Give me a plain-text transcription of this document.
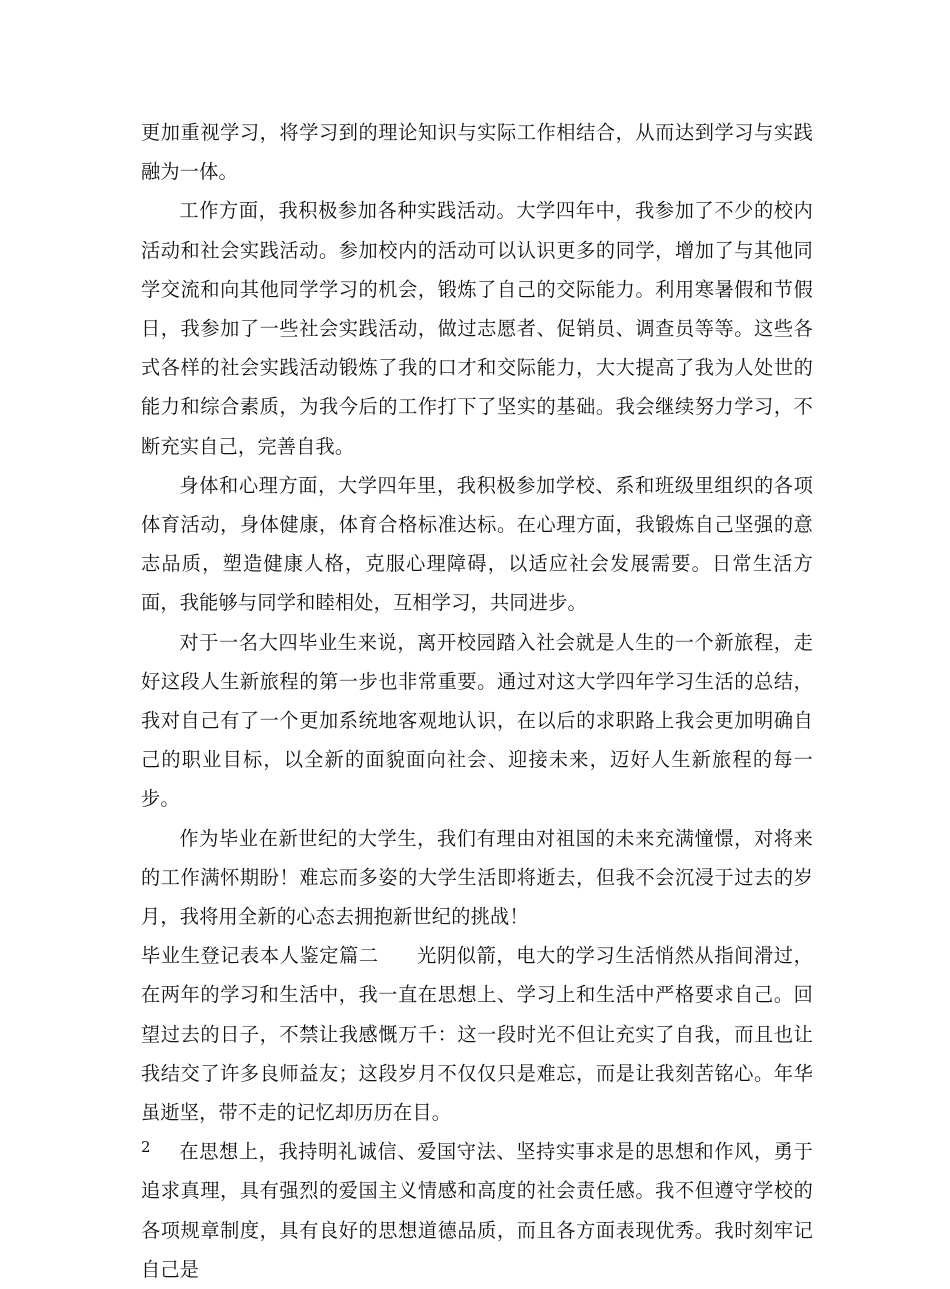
更加重视学习，将学习到的理论知识与实际工作相结合，从而达到学习与实践融为一体。

工作方面，我积极参加各种实践活动。大学四年中，我参加了不少的校内活动和社会实践活动。参加校内的活动可以认识更多的同学，增加了与其他同学交流和向其他同学学习的机会，锻炼了自己的交际能力。利用寒暑假和节假日，我参加了一些社会实践活动，做过志愿者、促销员、调查员等等。这些各式各样的社会实践活动锻炼了我的口才和交际能力，大大提高了我为人处世的能力和综合素质，为我今后的工作打下了坚实的基础。我会继续努力学习，不断充实自己，完善自我。

身体和心理方面，大学四年里，我积极参加学校、系和班级里组织的各项体育活动，身体健康，体育合格标准达标。在心理方面，我锻炼自己坚强的意志品质，塑造健康人格，克服心理障碍，以适应社会发展需要。日常生活方面，我能够与同学和睦相处，互相学习，共同进步。

对于一名大四毕业生来说，离开校园踏入社会就是人生的一个新旅程，走好这段人生新旅程的第一步也非常重要。通过对这大学四年学习生活的总结，我对自己有了一个更加系统地客观地认识，在以后的求职路上我会更加明确自己的职业目标，以全新的面貌面向社会、迎接未来，迈好人生新旅程的每一步。

作为毕业在新世纪的大学生，我们有理由对祖国的未来充满憧憬，对将来的工作满怀期盼！难忘而多姿的大学生活即将逝去，但我不会沉浸于过去的岁月，我将用全新的心态去拥抱新世纪的挑战！

毕业生登记表本人鉴定篇二 光阴似箭，电大的学习生活悄然从指间滑过，在两年的学习和生活中，我一直在思想上、学习上和生活中严格要求自己。回望过去的日子，不禁让我感慨万千：这一段时光不但让充实了自我，而且也让我结交了许多良师益友；这段岁月不仅仅只是难忘，而是让我刻苦铭心。年华虽逝坚，带不走的记忆却历历在目。

在思想上，我持明礼诚信、爱国守法、坚持实事求是的思想和作风，勇于追求真理，具有强烈的爱国主义情感和高度的社会责任感。我不但遵守学校的各项规章制度，具有良好的思想道德品质，而且各方面表现优秀。我时刻牢记自己是

2
